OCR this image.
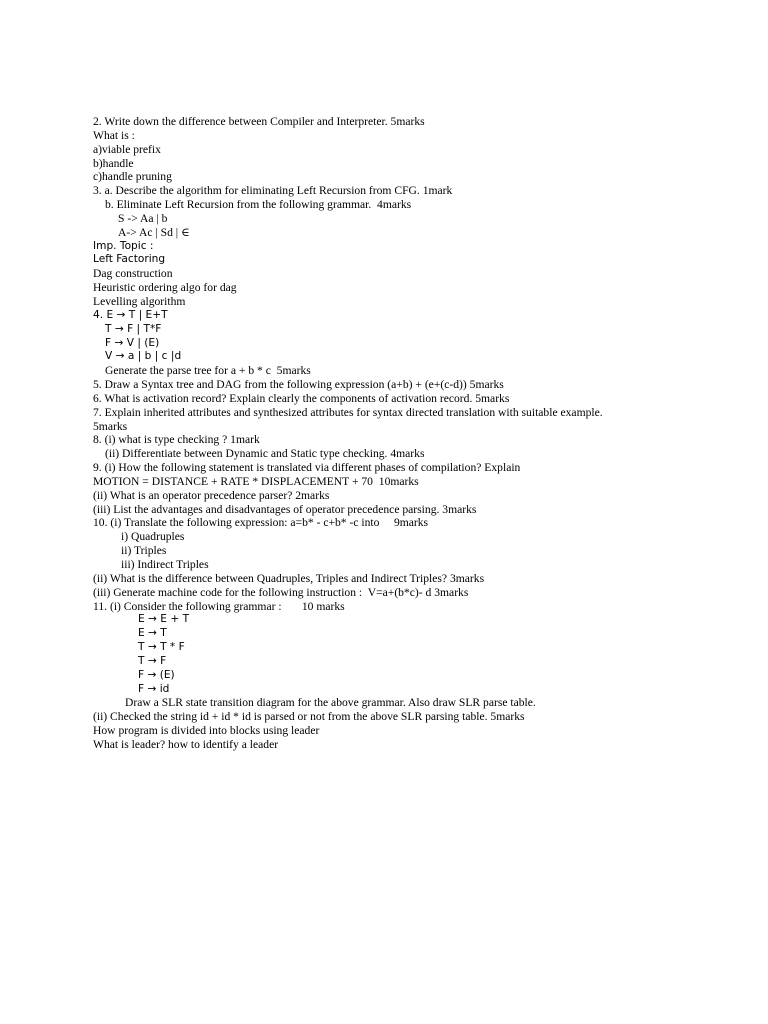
2. Write down the difference between Compiler and Interpreter. 5marks
What is :
a)viable prefix
b)handle
c)handle pruning
3. a. Describe the algorithm for eliminating Left Recursion from CFG. 1mark
b. Eliminate Left Recursion from the following grammar.  4marks
S -> Aa | b
A-> Ac | Sd | ∈
Imp. Topic :
Left Factoring
Dag construction
Heuristic ordering algo for dag
Levelling algorithm
4. E → T | E+T
T → F | T*F
F → V | (E)
V → a | b | c |d
Generate the parse tree for a + b * c  5marks
5. Draw a Syntax tree and DAG from the following expression (a+b) + (e+(c-d)) 5marks
6. What is activation record? Explain clearly the components of activation record. 5marks
7. Explain inherited attributes and synthesized attributes for syntax directed translation with suitable example.
5marks
8. (i) what is type checking ? 1mark
(ii) Differentiate between Dynamic and Static type checking. 4marks
9. (i) How the following statement is translated via different phases of compilation? Explain
MOTION = DISTANCE + RATE * DISPLACEMENT + 70  10marks
(ii) What is an operator precedence parser? 2marks
(iii) List the advantages and disadvantages of operator precedence parsing. 3marks
10. (i) Translate the following expression: a=b* - c+b* -c into     9marks
i) Quadruples
ii) Triples
iii) Indirect Triples
(ii) What is the difference between Quadruples, Triples and Indirect Triples? 3marks
(iii) Generate machine code for the following instruction :  V=a+(b*c)- d 3marks
11. (i) Consider the following grammar :       10 marks
E → E + T
E → T
T → T * F
T → F
F → (E)
F → id
Draw a SLR state transition diagram for the above grammar. Also draw SLR parse table.
(ii) Checked the string id + id * id is parsed or not from the above SLR parsing table. 5marks
How program is divided into blocks using leader
What is leader? how to identify a leader
